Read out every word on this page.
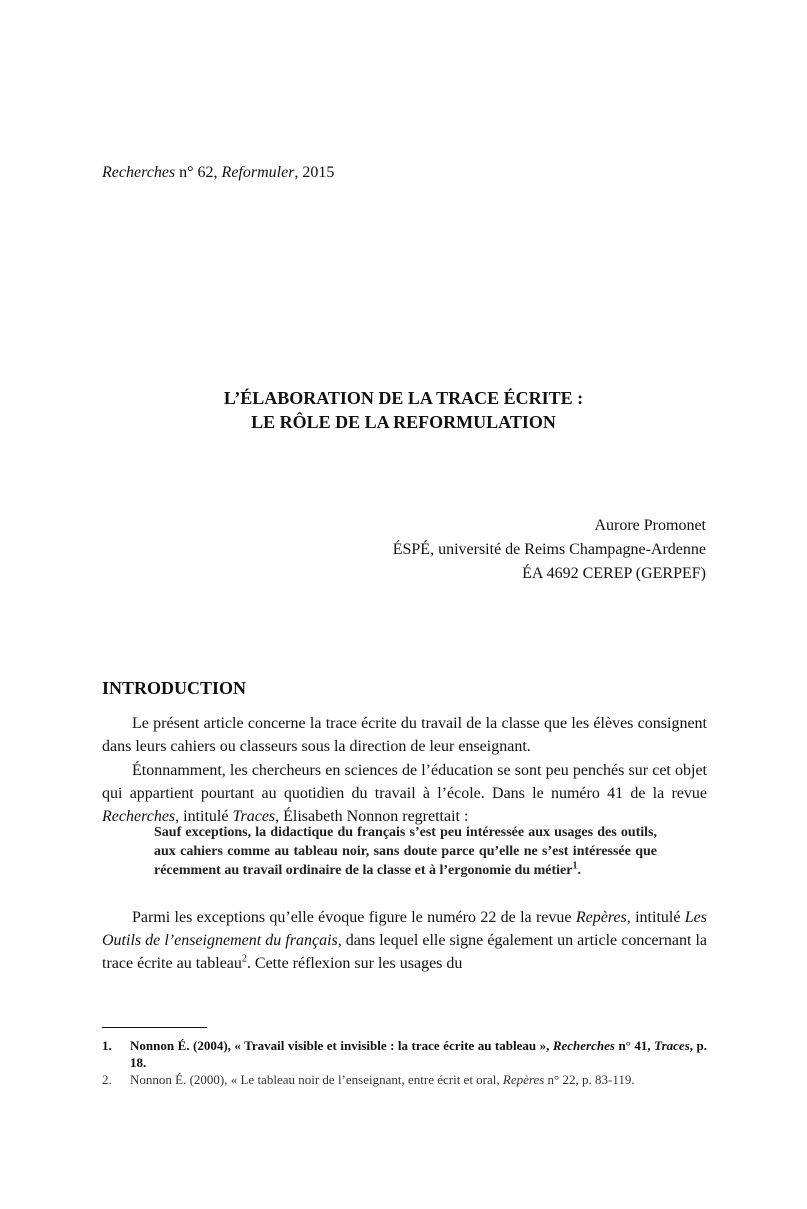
Recherches n° 62, Reformuler, 2015
L’ÉLABORATION DE LA TRACE ÉCRITE :
LE RÔLE DE LA REFORMULATION
Aurore Promonet
ÉSPÉ, université de Reims Champagne-Ardenne
ÉA 4692 CEREP (GERPEF)
INTRODUCTION

Le présent article concerne la trace écrite du travail de la classe que les élèves consignent dans leurs cahiers ou classeurs sous la direction de leur enseignant.

Étonnamment, les chercheurs en sciences de l’éducation se sont peu penchés sur cet objet qui appartient pourtant au quotidien du travail à l’école. Dans le numéro 41 de la revue Recherches, intitulé Traces, Élisabeth Nonnon regrettait :

Sauf exceptions, la didactique du français s’est peu intéressée aux usages des outils, aux cahiers comme au tableau noir, sans doute parce qu’elle ne s’est intéressée que récemment au travail ordinaire de la classe et à l’ergonomie du métier$^1$.

Parmi les exceptions qu’elle évoque figure le numéro 22 de la revue Repères, intitulé Les Outils de l’enseignement du français, dans lequel elle signe également un article concernant la trace écrite au tableau$^2$. Cette réflexion sur les usages du

1.	Nonnon É. (2004), « Travail visible et invisible : la trace écrite au tableau », Recherches n° 41, Traces, p. 18.
2.	Nonnon É. (2000), « Le tableau noir de l’enseignant, entre écrit et oral, Repères n° 22, p. 83-119.
